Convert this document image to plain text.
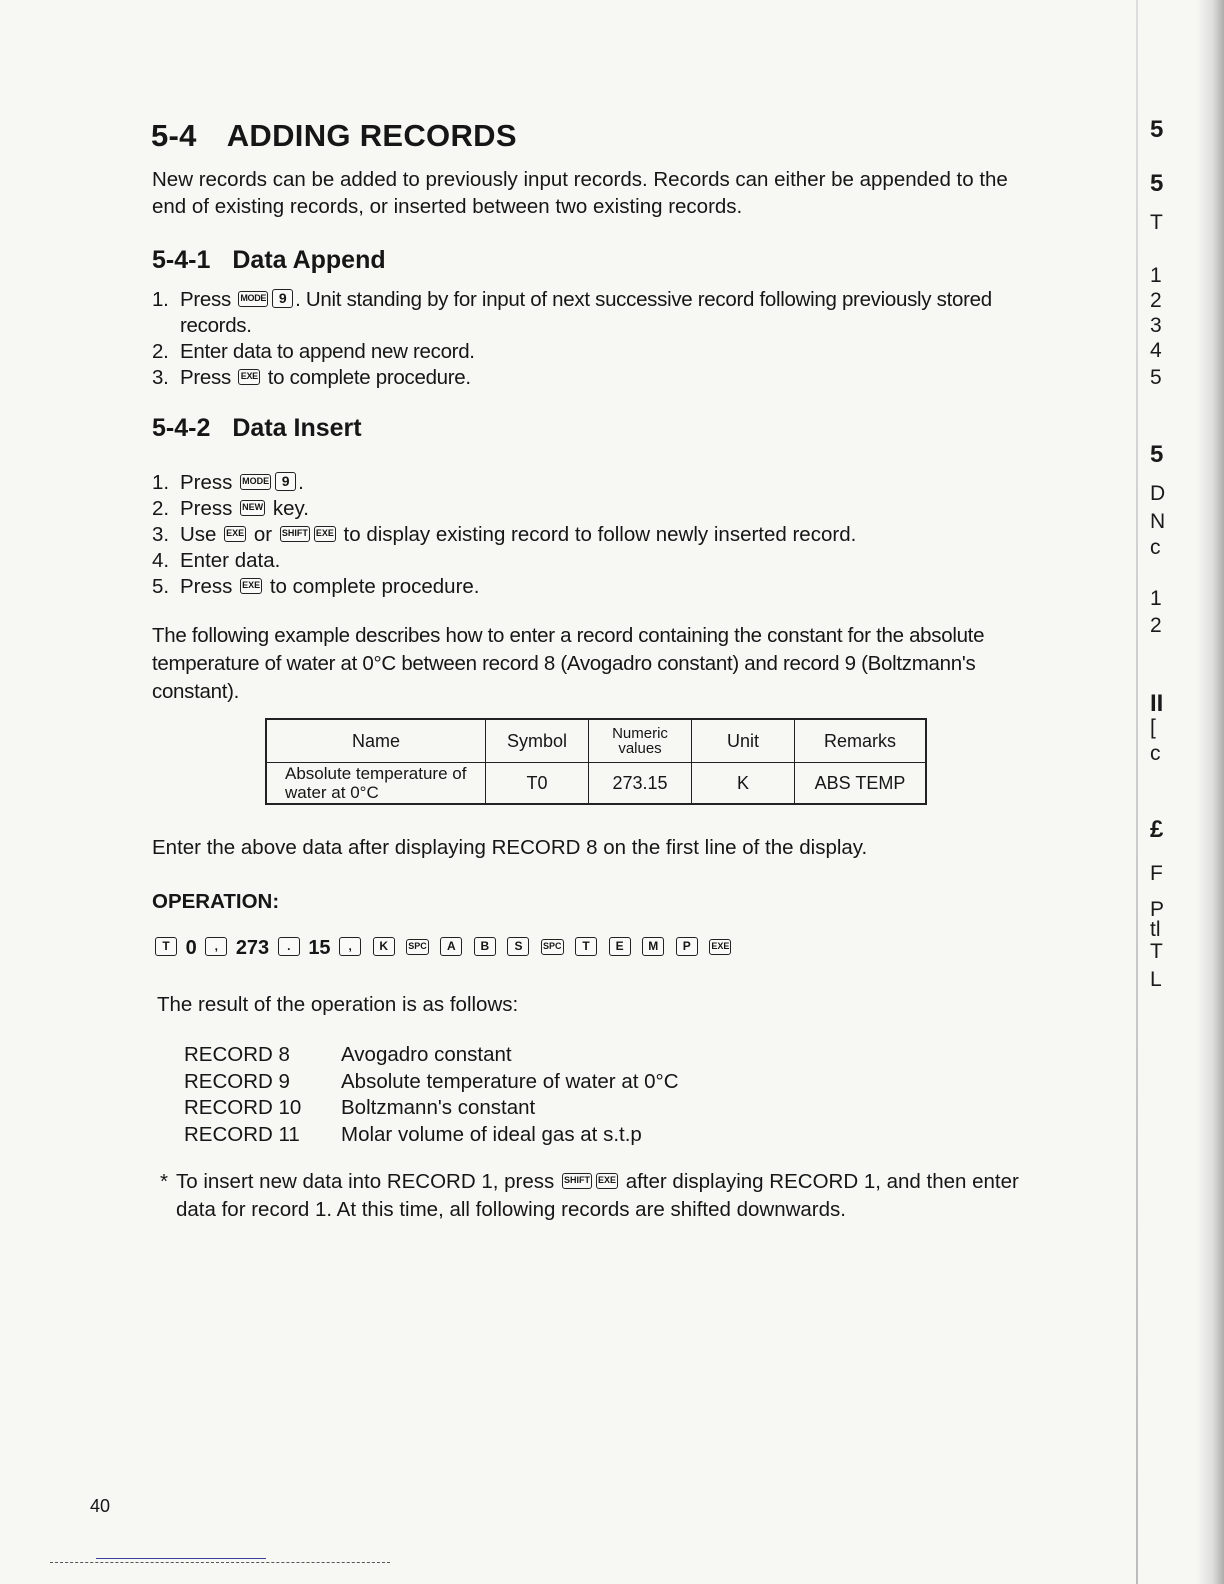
5-4 ADDING RECORDS
New records can be added to previously input records. Records can either be appended to the end of existing records, or inserted between two existing records.
5-4-1 Data Append
1. Press MODE 9 . Unit standing by for input of next successive record following previously stored records.
2. Enter data to append new record.
3. Press EXE to complete procedure.
5-4-2 Data Insert
1. Press MODE 9 .
2. Press NEW key.
3. Use EXE or SHIFT EXE to display existing record to follow newly inserted record.
4. Enter data.
5. Press EXE to complete procedure.
The following example describes how to enter a record containing the constant for the absolute temperature of water at 0°C between record 8 (Avogadro constant) and record 9 (Boltzmann's constant).
Name	Symbol	Numeric values	Unit	Remarks
Absolute temperature of water at 0°C	T0	273.15	K	ABS TEMP
Enter the above data after displaying RECORD 8 on the first line of the display.
OPERATION:
T 0 , 273 . 15 , K SPC A B S SPC T E M P EXE
The result of the operation is as follows:
RECORD 8	Avogadro constant
RECORD 9	Absolute temperature of water at 0°C
RECORD 10	Boltzmann's constant
RECORD 11	Molar volume of ideal gas at s.t.p
* To insert new data into RECORD 1, press SHIFT EXE after displaying RECORD 1, and then enter data for record 1. At this time, all following records are shifted downwards.
40
5
5
T
1
2
3
4
5
5
D
N
c
1
2
II
[
c
£
F
P
tl
T
L
